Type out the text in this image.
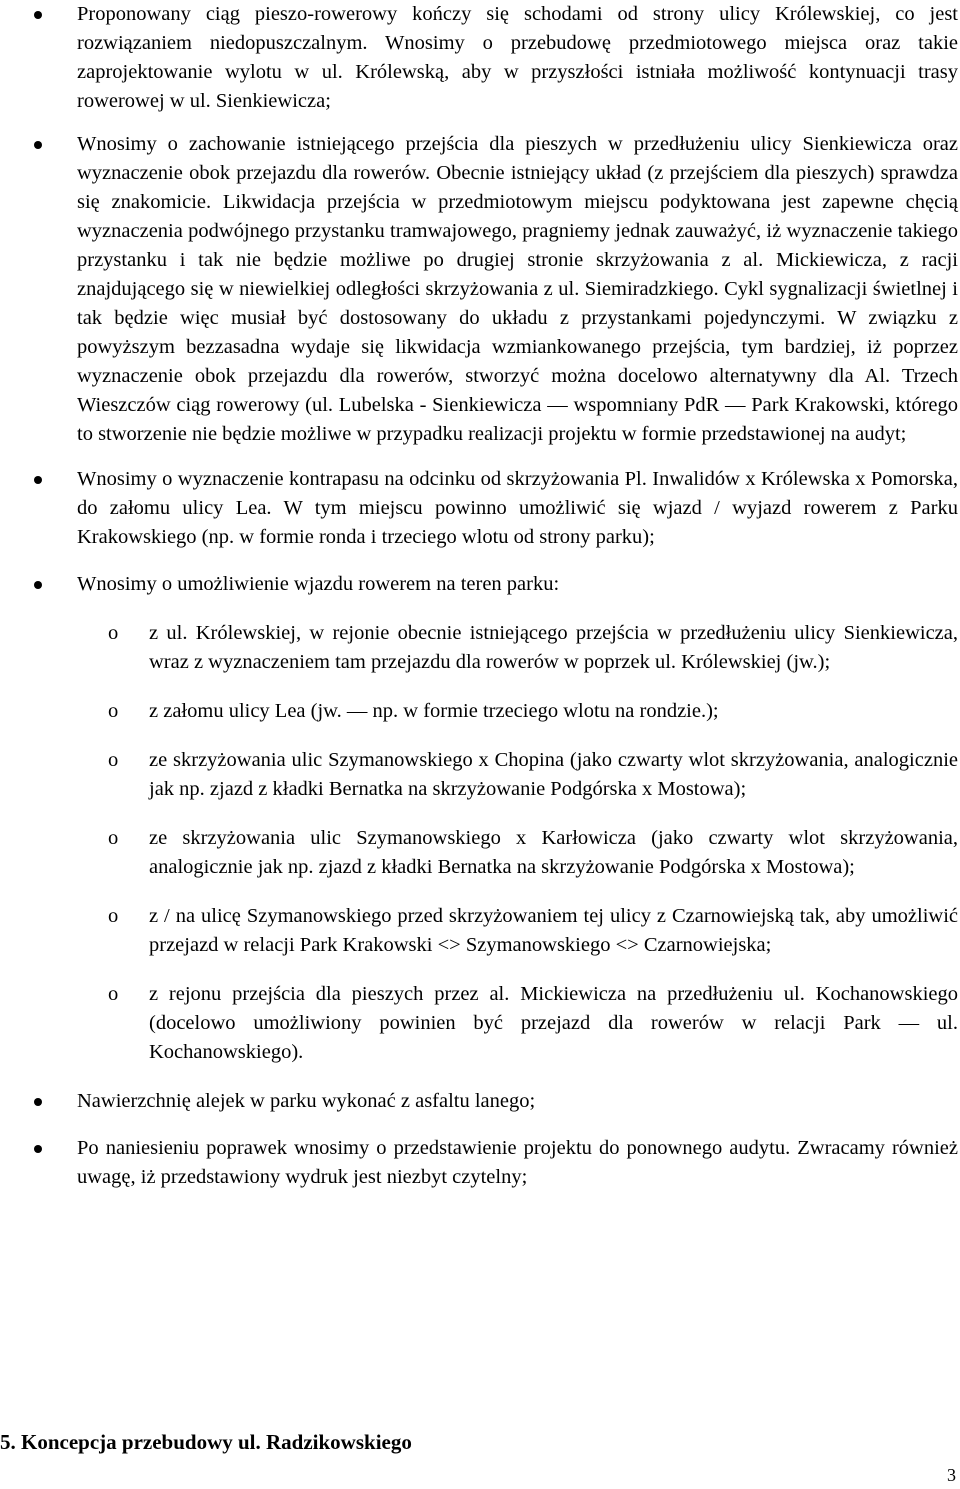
Proponowany ciąg pieszo-rowerowy kończy się schodami od strony ulicy Królewskiej, co jest rozwiązaniem niedopuszczalnym. Wnosimy o przebudowę przedmiotowego miejsca oraz takie zaprojektowanie wylotu w ul. Królewską, aby w przyszłości istniała możliwość kontynuacji trasy rowerowej w ul. Sienkiewicza;
Wnosimy o zachowanie istniejącego przejścia dla pieszych w przedłużeniu ulicy Sienkiewicza oraz wyznaczenie obok przejazdu dla rowerów. Obecnie istniejący układ (z przejściem dla pieszych) sprawdza się znakomicie. Likwidacja przejścia w przedmiotowym miejscu podyktowana jest zapewne chęcią wyznaczenia podwójnego przystanku tramwajowego, pragniemy jednak zauważyć, iż wyznaczenie takiego przystanku i tak nie będzie możliwe po drugiej stronie skrzyżowania z al. Mickiewicza, z racji znajdującego się w niewielkiej odległości skrzyżowania z ul. Siemiradzkiego. Cykl sygnalizacji świetlnej i tak będzie więc musiał być dostosowany do układu z przystankami pojedynczymi. W związku z powyższym bezzasadna wydaje się likwidacja wzmiankowanego przejścia, tym bardziej, iż poprzez wyznaczenie obok przejazdu dla rowerów, stworzyć można docelowo alternatywny dla Al. Trzech Wieszczów ciąg rowerowy (ul. Lubelska - Sienkiewicza — wspomniany PdR — Park Krakowski, którego to stworzenie nie będzie możliwe w przypadku realizacji projektu w formie przedstawionej na audyt;
Wnosimy o wyznaczenie kontrapasu na odcinku od skrzyżowania Pl. Inwalidów x Królewska x Pomorska, do załomu ulicy Lea. W tym miejscu powinno umożliwić się wjazd / wyjazd rowerem z Parku Krakowskiego (np. w formie ronda i trzeciego wlotu od strony parku);
Wnosimy o umożliwienie wjazdu rowerem na teren parku:
o z ul. Królewskiej, w rejonie obecnie istniejącego przejścia w przedłużeniu ulicy Sienkiewicza, wraz z wyznaczeniem tam przejazdu dla rowerów w poprzek ul. Królewskiej (jw.);
o z załomu ulicy Lea (jw. — np. w formie trzeciego wlotu na rondzie.);
o ze skrzyżowania ulic Szymanowskiego x Chopina (jako czwarty wlot skrzyżowania, analogicznie jak np. zjazd z kładki Bernatka na skrzyżowanie Podgórska x Mostowa);
o ze skrzyżowania ulic Szymanowskiego x Karłowicza (jako czwarty wlot skrzyżowania, analogicznie jak np. zjazd z kładki Bernatka na skrzyżowanie Podgórska x Mostowa);
o z / na ulicę Szymanowskiego przed skrzyżowaniem tej ulicy z Czarnowiejską tak, aby umożliwić przejazd w relacji Park Krakowski <> Szymanowskiego <> Czarnowiejska;
o z rejonu przejścia dla pieszych przez al. Mickiewicza na przedłużeniu ul. Kochanowskiego (docelowo umożliwiony powinien być przejazd dla rowerów w relacji Park — ul. Kochanowskiego).
Nawierzchnię alejek w parku wykonać z asfaltu lanego;
Po naniesieniu poprawek wnosimy o przedstawienie projektu do ponownego audytu. Zwracamy również uwagę, iż przedstawiony wydruk jest niezbyt czytelny;
5. Koncepcja przebudowy ul. Radzikowskiego
3
